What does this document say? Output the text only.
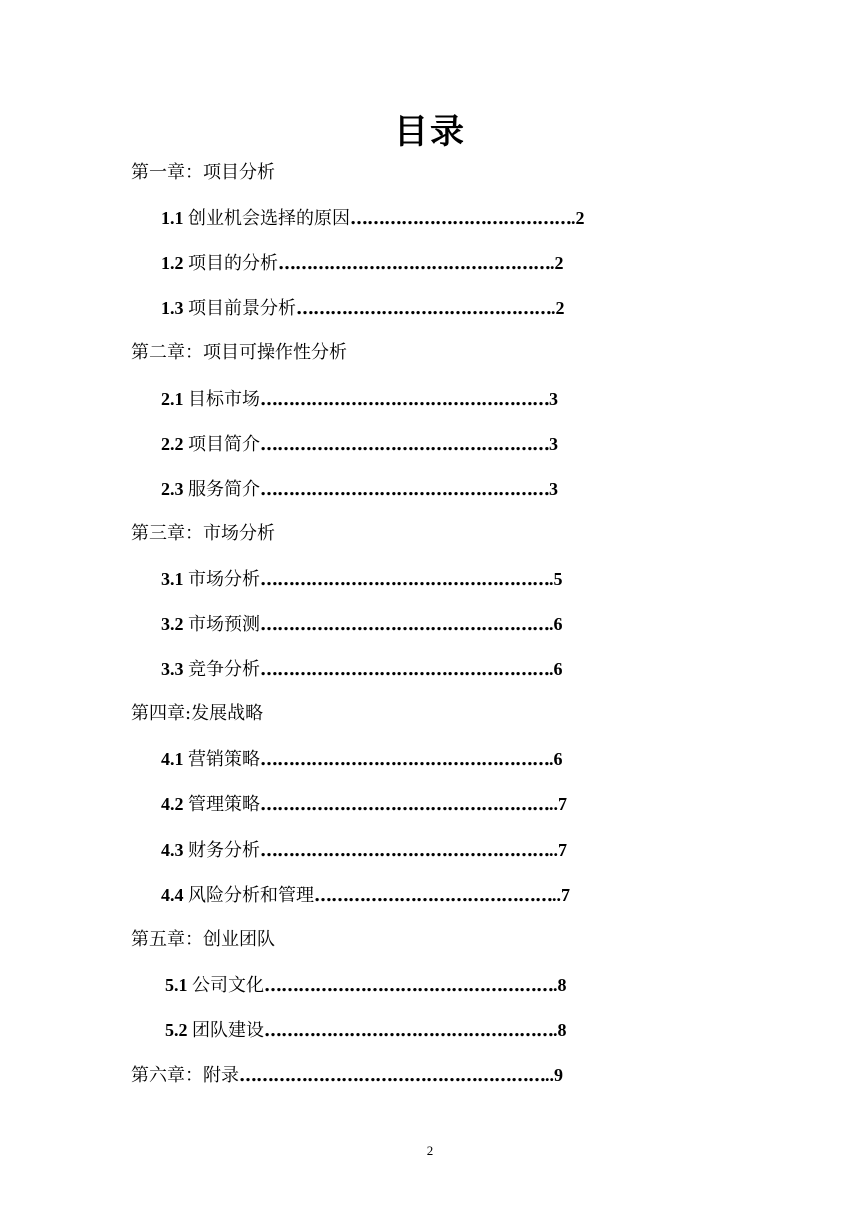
目录
第一章：项目分析
1.1 创业机会选择的原因………………………………….2
1.2 项目的分析………………………………………….2
1.3 项目前景分析……………………………………….2
第二章：项目可操作性分析
2.1 目标市场……………………………………………3
2.2 项目简介……………………………………………3
2.3 服务简介……………………………………………3
第三章：市场分析
3.1 市场分析…………………………………………….5
3.2 市场预测…………………………………………….6
3.3 竞争分析…………………………………………….6
第四章:发展战略
4.1 营销策略…………………………………………….6
4.2 管理策略……………………………………………..7
4.3 财务分析……………………………………………..7
4.4 风险分析和管理……………………………………..7
第五章：创业团队
5.1 公司文化…………………………………………….8
5.2 团队建设…………………………………………….8
第六章：附录………………………………………………..9
2
